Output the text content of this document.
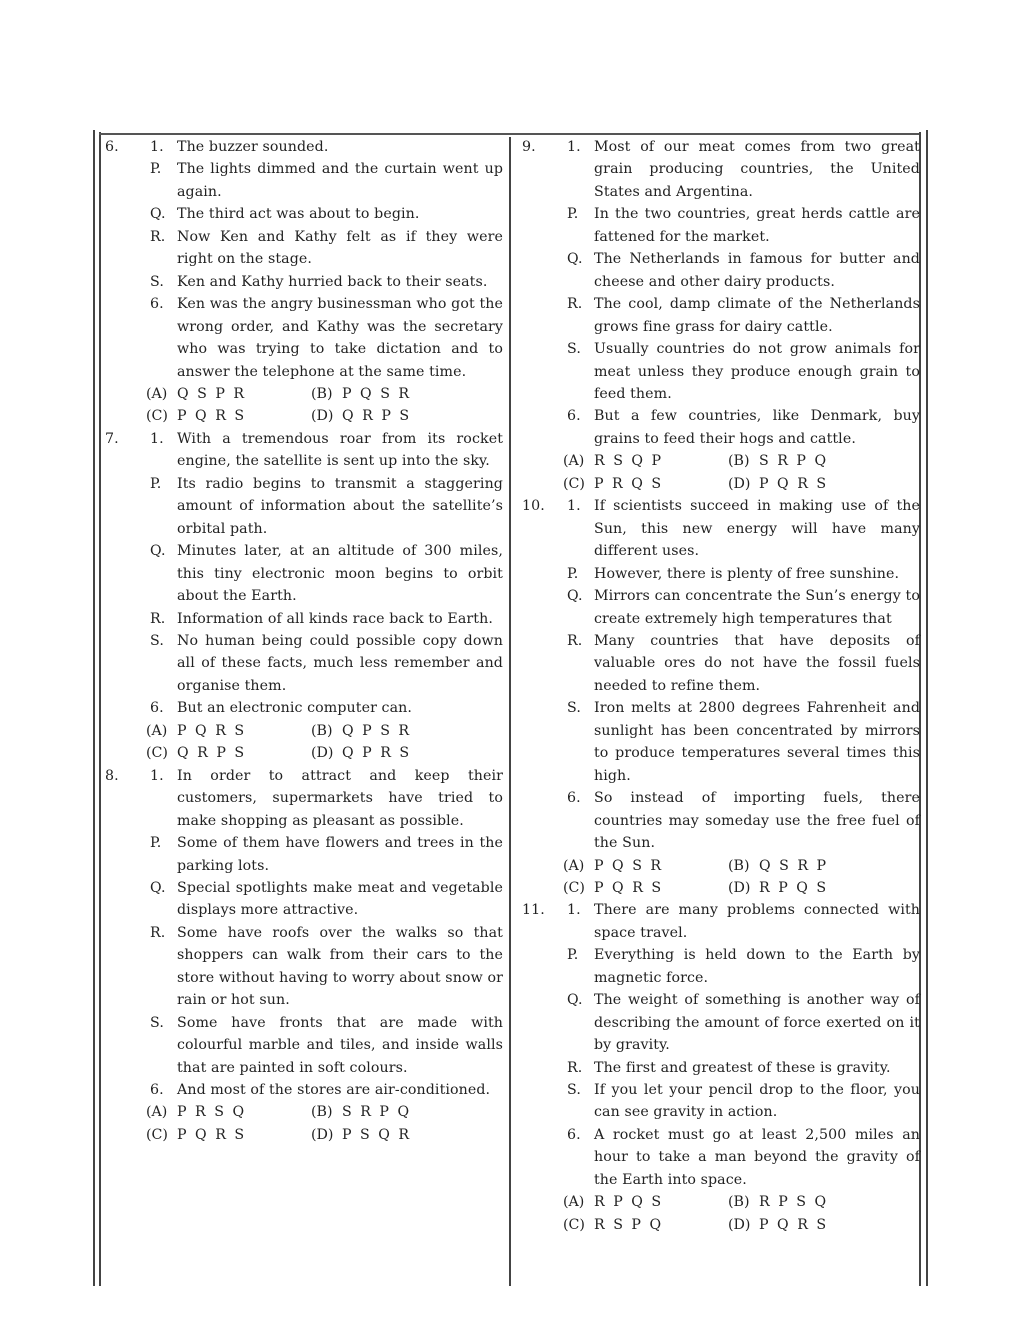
6. 1. The buzzer sounded.
P. The lights dimmed and the curtain went up again.
Q. The third act was about to begin.
R. Now Ken and Kathy felt as if they were right on the stage.
S. Ken and Kathy hurried back to their seats.
6. Ken was the angry businessman who got the wrong order, and Kathy was the secretary who was trying to take dictation and to answer the telephone at the same time.
(A) Q S P R	(B) P Q S R
(C) P Q R S	(D) Q R P S
7. 1. With a tremendous roar from its rocket engine, the satellite is sent up into the sky.
P. Its radio begins to transmit a staggering amount of information about the satellite’s orbital path.
Q. Minutes later, at an altitude of 300 miles, this tiny electronic moon begins to orbit about the Earth.
R. Information of all kinds race back to Earth.
S. No human being could possible copy down all of these facts, much less remember and organise them.
6. But an electronic computer can.
(A) P Q R S	(B) Q P S R
(C) Q R P S	(D) Q P R S
8. 1. In order to attract and keep their customers, supermarkets have tried to make shopping as pleasant as possible.
P. Some of them have flowers and trees in the parking lots.
Q. Special spotlights make meat and vegetable displays more attractive.
R. Some have roofs over the walks so that shoppers can walk from their cars to the store without having to worry about snow or rain or hot sun.
S. Some have fronts that are made with colourful marble and tiles, and inside walls that are painted in soft colours.
6. And most of the stores are air-conditioned.
(A) P R S Q	(B) S R P Q
(C) P Q R S	(D) P S Q R
9. 1. Most of our meat comes from two great grain producing countries, the United States and Argentina.
P. In the two countries, great herds cattle are fattened for the market.
Q. The Netherlands in famous for butter and cheese and other dairy products.
R. The cool, damp climate of the Netherlands grows fine grass for dairy cattle.
S. Usually countries do not grow animals for meat unless they produce enough grain to feed them.
6. But a few countries, like Denmark, buy grains to feed their hogs and cattle.
(A) R S Q P	(B) S R P Q
(C) P R Q S	(D) P Q R S
10. 1. If scientists succeed in making use of the Sun, this new energy will have many different uses.
P. However, there is plenty of free sunshine.
Q. Mirrors can concentrate the Sun’s energy to create extremely high temperatures that
R. Many countries that have deposits of valuable ores do not have the fossil fuels needed to refine them.
S. Iron melts at 2800 degrees Fahrenheit and sunlight has been concentrated by mirrors to produce temperatures several times this high.
6. So instead of importing fuels, there countries may someday use the free fuel of the Sun.
(A) P Q S R	(B) Q S R P
(C) P Q R S	(D) R P Q S
11. 1. There are many problems connected with space travel.
P. Everything is held down to the Earth by magnetic force.
Q. The weight of something is another way of describing the amount of force exerted on it by gravity.
R. The first and greatest of these is gravity.
S. If you let your pencil drop to the floor, you can see gravity in action.
6. A rocket must go at least 2,500 miles an hour to take a man beyond the gravity of the Earth into space.
(A) R P Q S	(B) R P S Q
(C) R S P Q	(D) P Q R S
